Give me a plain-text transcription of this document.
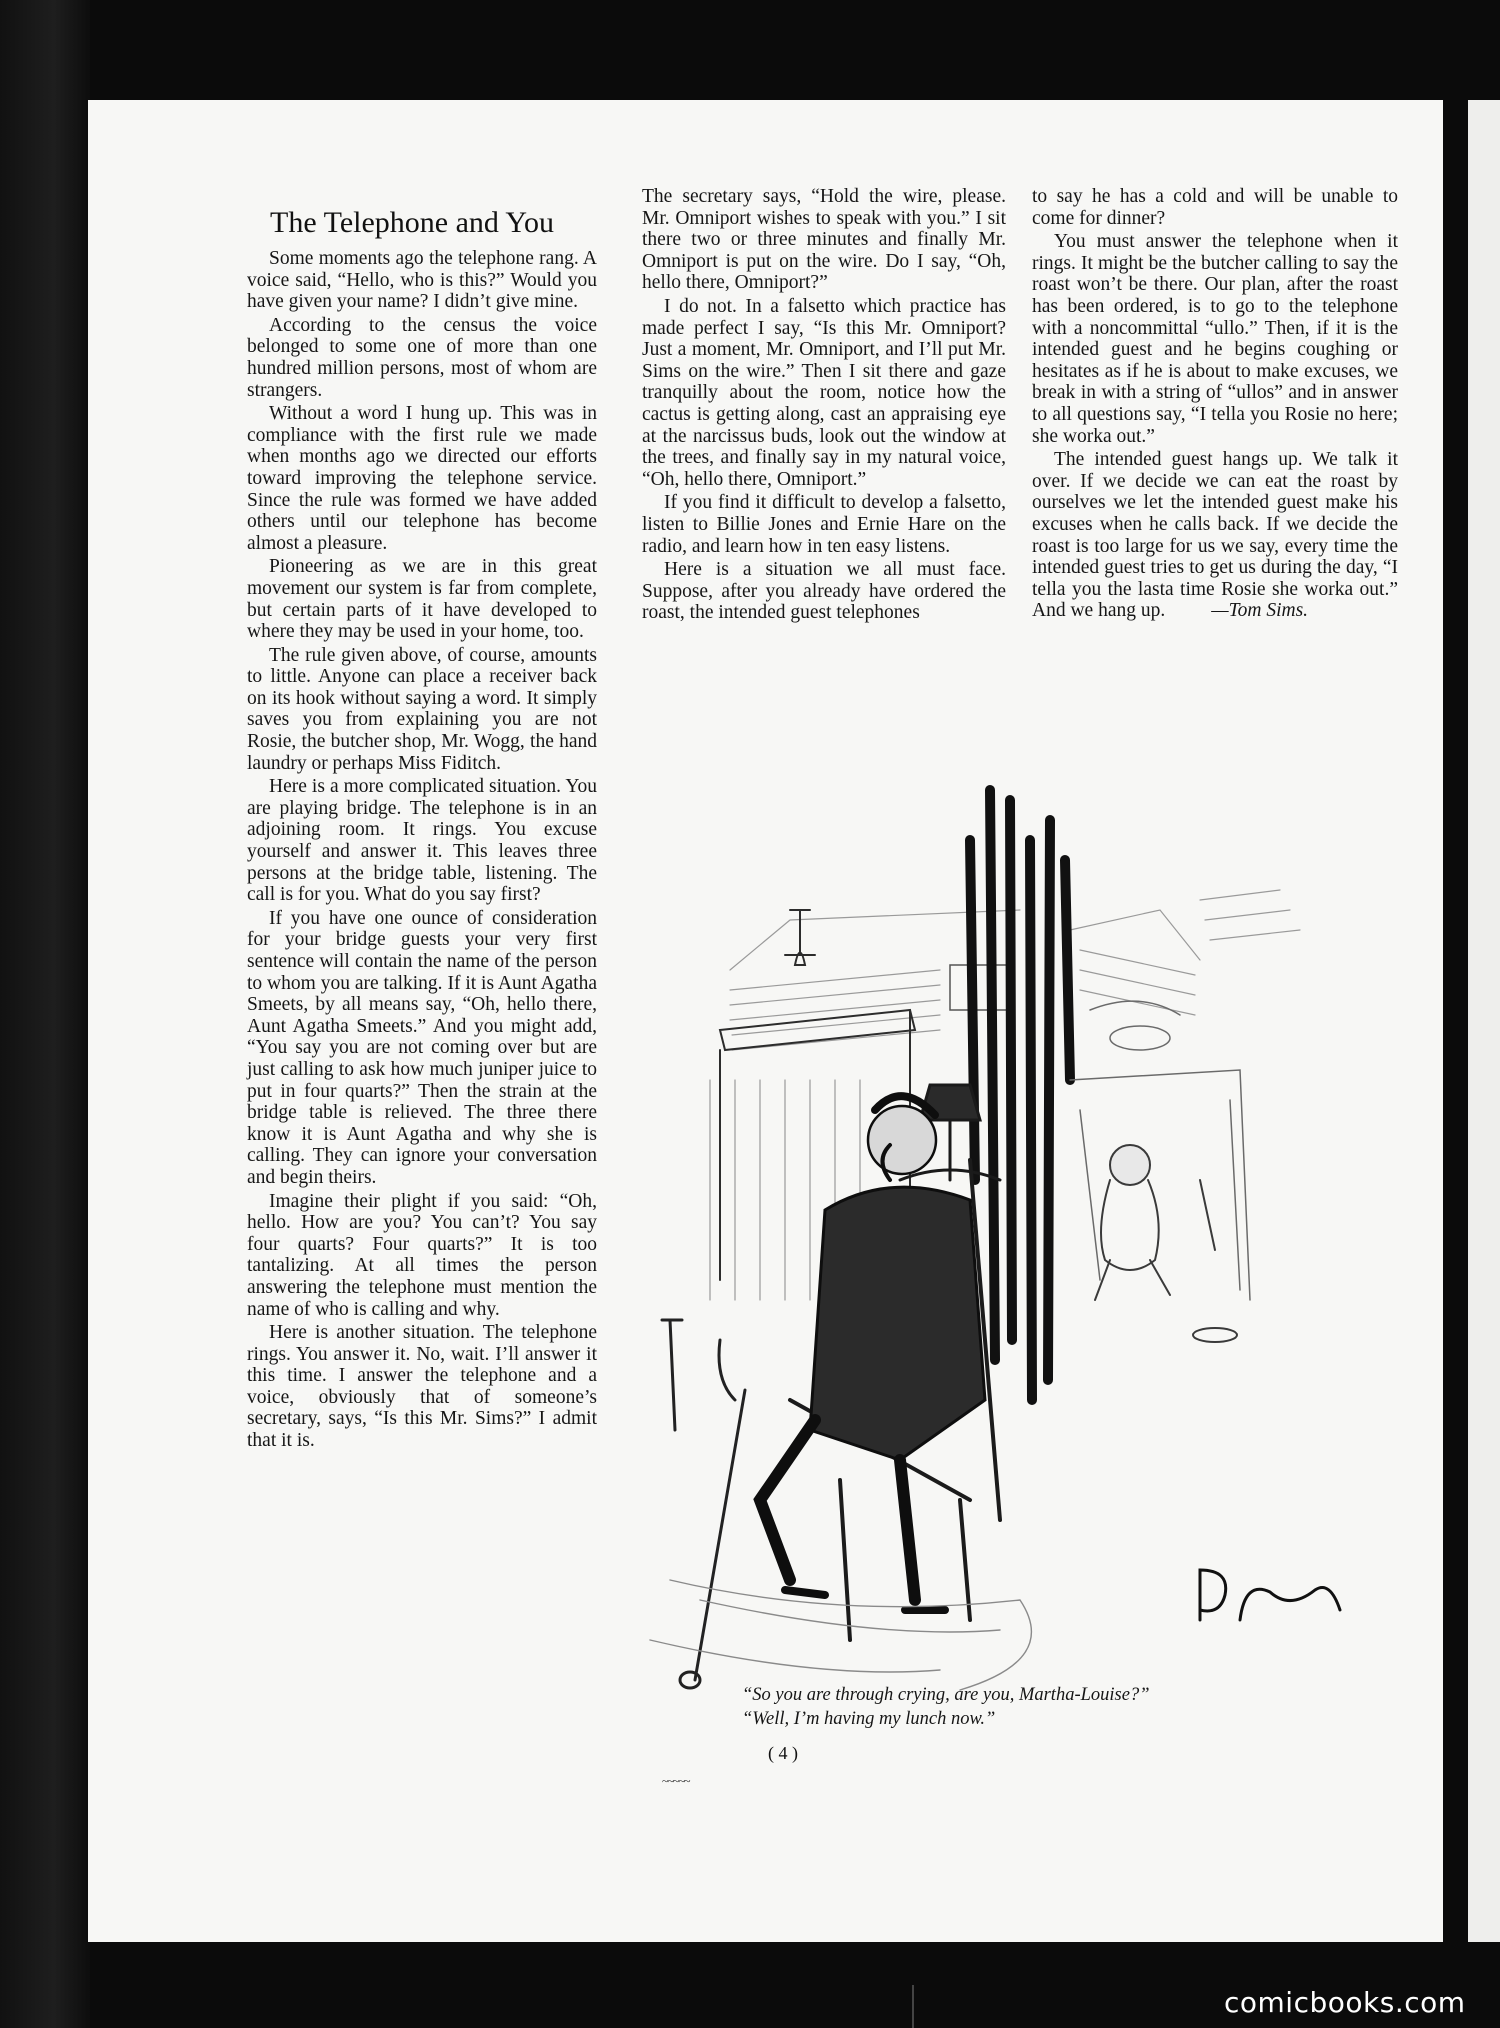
The Telephone and You

Some moments ago the telephone rang. A voice said, “Hello, who is this?” Would you have given your name? I didn’t give mine.

According to the census the voice belonged to some one of more than one hundred million persons, most of whom are strangers.

Without a word I hung up. This was in compliance with the first rule we made when months ago we directed our efforts toward improving the telephone service. Since the rule was formed we have added others until our telephone has become almost a pleasure.

Pioneering as we are in this great movement our system is far from complete, but certain parts of it have developed to where they may be used in your home, too.

The rule given above, of course, amounts to little. Anyone can place a receiver back on its hook without saying a word. It simply saves you from explaining you are not Rosie, the butcher shop, Mr. Wogg, the hand laundry or perhaps Miss Fiditch.

Here is a more complicated situation. You are playing bridge. The telephone is in an adjoining room. It rings. You excuse yourself and answer it. This leaves three persons at the bridge table, listening. The call is for you. What do you say first?

If you have one ounce of consideration for your bridge guests your very first sentence will contain the name of the person to whom you are talking. If it is Aunt Agatha Smeets, by all means say, “Oh, hello there, Aunt Agatha Smeets.” And you might add, “You say you are not coming over but are just calling to ask how much juniper juice to put in four quarts?” Then the strain at the bridge table is relieved. The three there know it is Aunt Agatha and why she is calling. They can ignore your conversation and begin theirs.

Imagine their plight if you said: “Oh, hello. How are you? You can’t? You say four quarts? Four quarts?” It is too tantalizing. At all times the person answering the telephone must mention the name of who is calling and why.

Here is another situation. The telephone rings. You answer it. No, wait. I’ll answer it this time. I answer the telephone and a voice, obviously that of someone’s secretary, says, “Is this Mr. Sims?” I admit that it is.

The secretary says, “Hold the wire, please. Mr. Omniport wishes to speak with you.” I sit there two or three minutes and finally Mr. Omniport is put on the wire. Do I say, “Oh, hello there, Omniport?”

I do not. In a falsetto which practice has made perfect I say, “Is this Mr. Omniport? Just a moment, Mr. Omniport, and I’ll put Mr. Sims on the wire.” Then I sit there and gaze tranquilly about the room, notice how the cactus is getting along, cast an appraising eye at the narcissus buds, look out the window at the trees, and finally say in my natural voice, “Oh, hello there, Omniport.”

If you find it difficult to develop a falsetto, listen to Billie Jones and Ernie Hare on the radio, and learn how in ten easy listens.

Here is a situation we all must face. Suppose, after you already have ordered the roast, the intended guest telephones

to say he has a cold and will be unable to come for dinner?

You must answer the telephone when it rings. It might be the butcher calling to say the roast won’t be there. Our plan, after the roast has been ordered, is to go to the telephone with a noncommittal “ullo.” Then, if it is the intended guest and he begins coughing or hesitates as if he is about to make excuses, we break in with a string of “ullos” and in answer to all questions say, “I tella you Rosie no here; she worka out.”

The intended guest hangs up. We talk it over. If we decide we can eat the roast by ourselves we let the intended guest make his excuses when he calls back. If we decide the roast is too large for us we say, every time the intended guest tries to get us during the day, “I tella you the lasta time Rosie she worka out.” And we hang up. —Tom Sims.

“So you are through crying, are you, Martha-Louise?”
“Well, I’m having my lunch now.”
( 4 )
~~~~~
comicbooks.com
